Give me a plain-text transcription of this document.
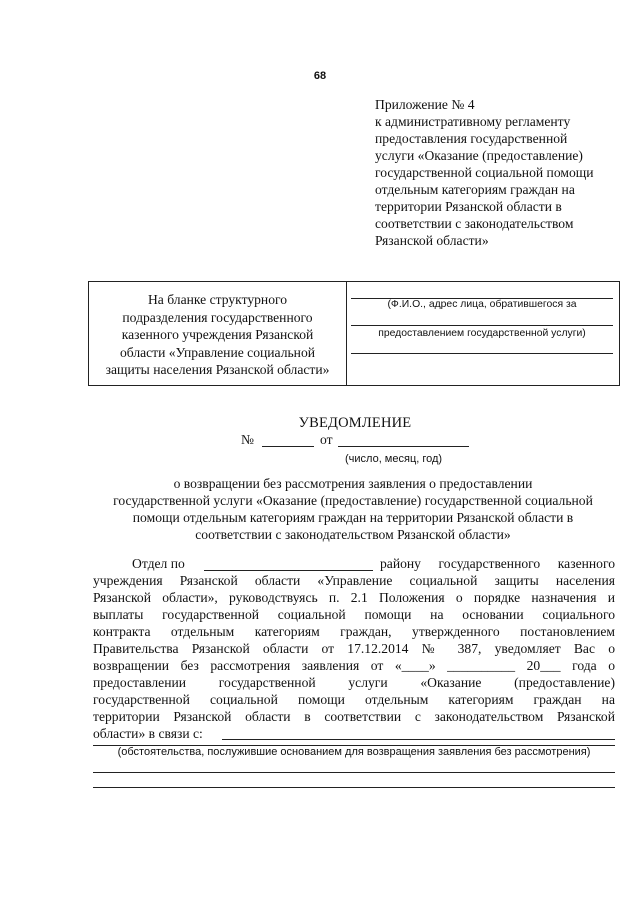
68
Приложение № 4
к административному регламенту
предоставления государственной
услуги «Оказание (предоставление)
государственной социальной помощи
отдельным категориям граждан на
территории Рязанской области в
соответствии с законодательством
Рязанской области»
На бланке структурного
подразделения государственного
казенного учреждения Рязанской
области «Управление социальной
защиты населения Рязанской области»
(Ф.И.О., адрес лица, обратившегося за
предоставлением государственной услуги)
УВЕДОМЛЕНИЕ
№	от
(число, месяц, год)
о возвращении без рассмотрения заявления о предоставлении
государственной услуги «Оказание (предоставление) государственной социальной
помощи отдельным категориям граждан на территории Рязанской области в
соответствии с законодательством Рязанской области»
Отдел по	району государственного казенного
учреждения Рязанской области «Управление социальной защиты населения
Рязанской области», руководствуясь п. 2.1 Положения о порядке назначения и
выплаты государственной социальной помощи на основании социального
контракта отдельным категориям граждан, утвержденного постановлением
Правительства Рязанской области от 17.12.2014 № 387, уведомляет Вас о
возвращении без рассмотрения заявления от «____» __________ 20___ года о
предоставлении государственной услуги «Оказание (предоставление)
государственной социальной помощи отдельным категориям граждан на
территории Рязанской области в соответствии с законодательством Рязанской
области» в связи с:
(обстоятельства, послужившие основанием для возвращения заявления без рассмотрения)
